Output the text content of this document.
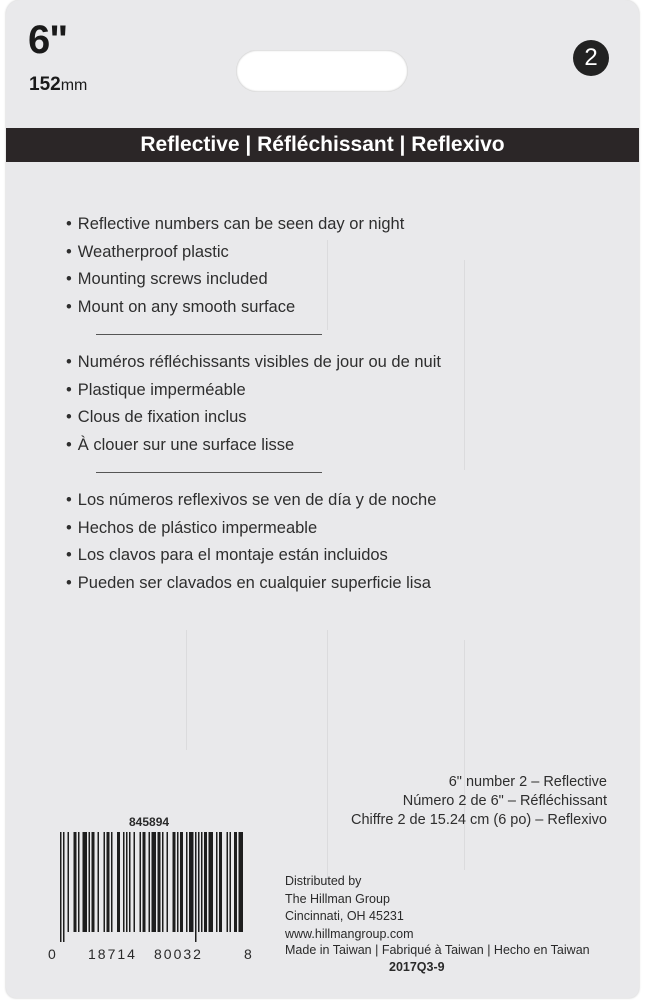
6"
152mm
2
Reflective | Réfléchissant | Reflexivo
• Reflective numbers can be seen day or night
• Weatherproof plastic
• Mounting screws included
• Mount on any smooth surface
• Numéros réfléchissants visibles de jour ou de nuit
• Plastique imperméable
• Clous de fixation inclus
• À clouer sur une surface lisse
• Los números reflexivos se ven de día y de noche
• Hechos de plástico impermeable
• Los clavos para el montaje están incluidos
• Pueden ser clavados en cualquier superficie lisa
6" number 2 – Reflective
Número 2 de 6" – Réfléchissant
Chiffre 2 de 15.24 cm (6 po) – Reflexivo
845894
0 18714 80032	8
Distributed by
The Hillman Group
Cincinnati, OH 45231
www.hillmangroup.com
Made in Taiwan | Fabriqué à Taiwan | Hecho en Taiwan
2017Q3-9
